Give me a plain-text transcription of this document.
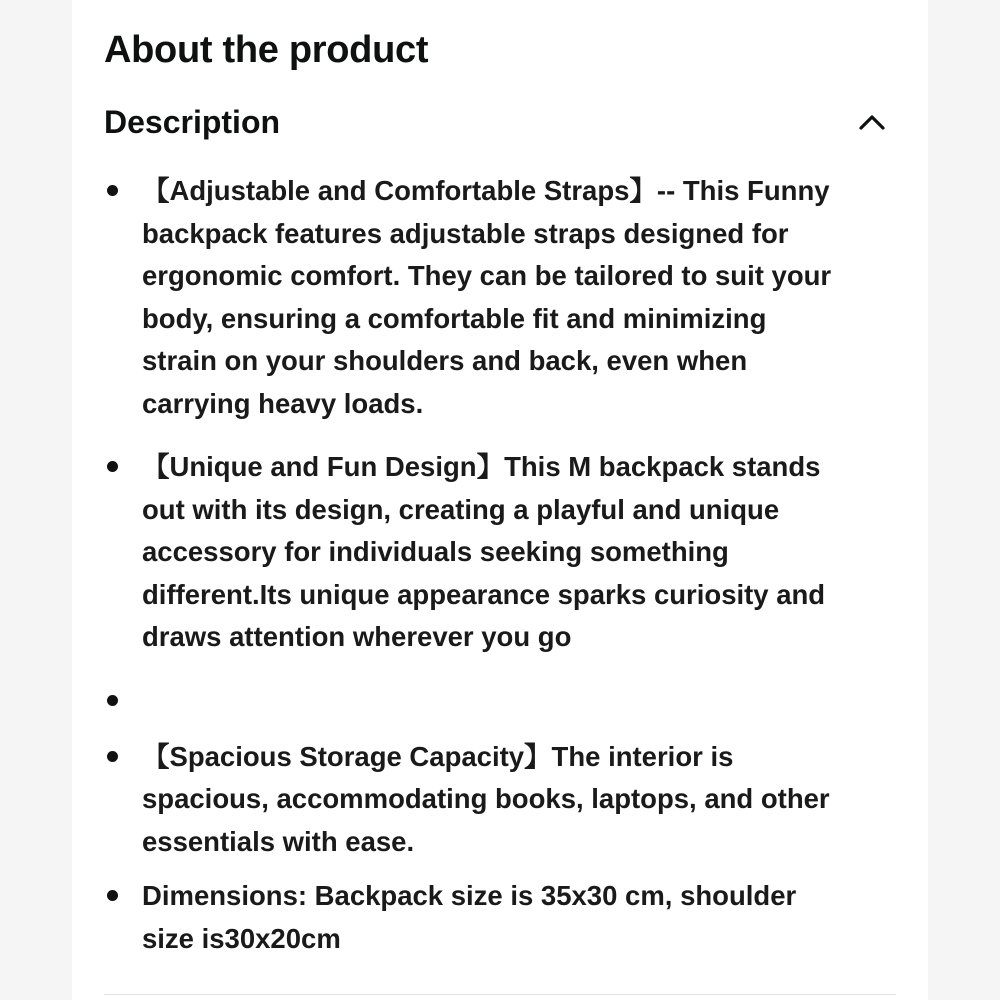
About the product
Description
【Adjustable and Comfortable Straps】-- This Funny
backpack features adjustable straps designed for
ergonomic comfort. They can be tailored to suit your
body, ensuring a comfortable fit and minimizing
strain on your shoulders and back, even when
carrying heavy loads.
【Unique and Fun Design】This M backpack stands
out with its design, creating a playful and unique
accessory for individuals seeking something
different.Its unique appearance sparks curiosity and
draws attention wherever you go
【Spacious Storage Capacity】The interior is
spacious, accommodating books, laptops, and other
essentials with ease.
Dimensions: Backpack size is 35x30 cm, shoulder
size is30x20cm
